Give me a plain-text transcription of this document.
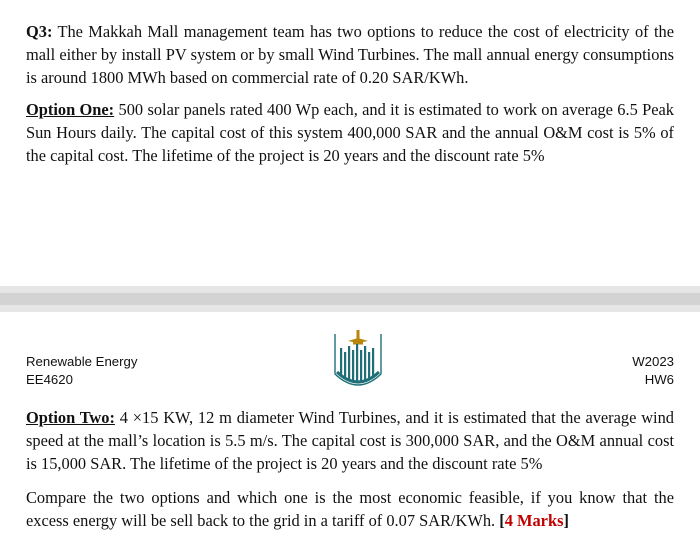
Q3: The Makkah Mall management team has two options to reduce the cost of electricity of the mall either by install PV system or by small Wind Turbines. The mall annual energy consumptions is around 1800 MWh based on commercial rate of 0.20 SAR/KWh.

Option One: 500 solar panels rated 400 Wp each, and it is estimated to work on average 6.5 Peak Sun Hours daily. The capital cost of this system 400,000 SAR and the annual O&M cost is 5% of the capital cost. The lifetime of the project is 20 years and the discount rate 5%

Renewable Energy
EE4620
W2023
HW6

Option Two: 4 ×15 KW, 12 m diameter Wind Turbines, and it is estimated that the average wind speed at the mall’s location is 5.5 m/s. The capital cost is 300,000 SAR, and the O&M annual cost is 15,000 SAR. The lifetime of the project is 20 years and the discount rate 5%

Compare the two options and which one is the most economic feasible, if you know that the excess energy will be sell back to the grid in a tariff of 0.07 SAR/KWh. [4 Marks]
